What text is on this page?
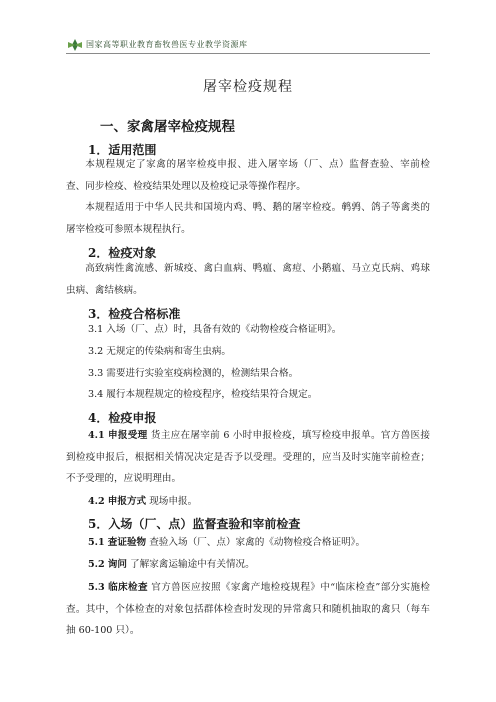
国家高等职业教育畜牧兽医专业教学资源库
屠宰检疫规程
一、家禽屠宰检疫规程
1．适用范围

本规程规定了家禽的屠宰检疫申报、进入屠宰场（厂、点）监督查验、宰前检查、同步检疫、检疫结果处理以及检疫记录等操作程序。

本规程适用于中华人民共和国境内鸡、鸭、鹅的屠宰检疫。鹌鹑、鸽子等禽类的屠宰检疫可参照本规程执行。

2．检疫对象

高致病性禽流感、新城疫、禽白血病、鸭瘟、禽痘、小鹅瘟、马立克氏病、鸡球虫病、禽结核病。

3．检疫合格标准

3.1 入场（厂、点）时，具备有效的《动物检疫合格证明》。

3.2 无规定的传染病和寄生虫病。

3.3 需要进行实验室疫病检测的，检测结果合格。

3.4 履行本规程规定的检疫程序，检疫结果符合规定。

4．检疫申报

4.1 申报受理 货主应在屠宰前 6 小时申报检疫，填写检疫申报单。官方兽医接到检疫申报后，根据相关情况决定是否予以受理。受理的，应当及时实施宰前检查；不予受理的，应说明理由。

4.2 申报方式 现场申报。

5．入场（厂、点）监督查验和宰前检查

5.1 查证验物 查验入场（厂、点）家禽的《动物检疫合格证明》。

5.2 询问 了解家禽运输途中有关情况。

5.3 临床检查 官方兽医应按照《家禽产地检疫规程》中“临床检查”部分实施检查。其中，个体检查的对象包括群体检查时发现的异常禽只和随机抽取的禽只（每车抽 60-100 只）。
